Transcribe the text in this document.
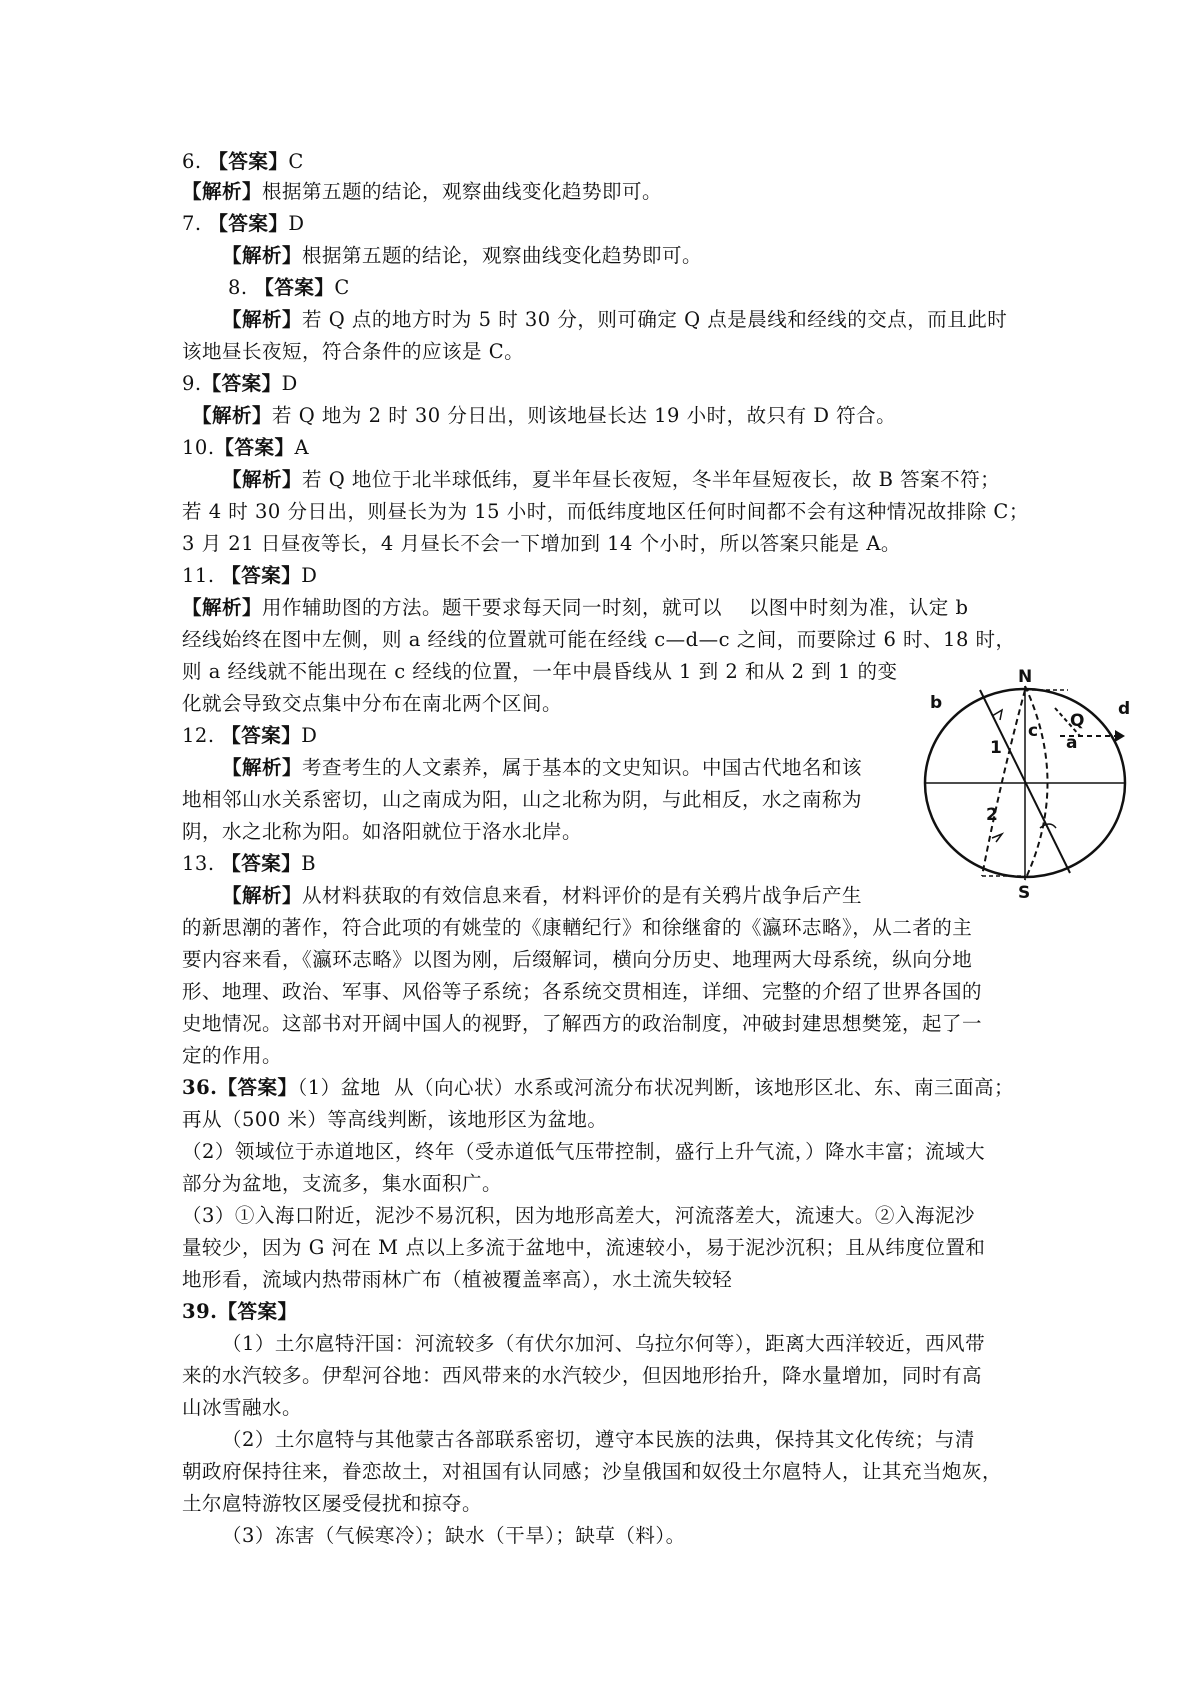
6. 【答案】C
【解析】根据第五题的结论，观察曲线变化趋势即可。
7. 【答案】D
【解析】根据第五题的结论，观察曲线变化趋势即可。
8. 【答案】C
【解析】若 Q 点的地方时为 5 时 30 分，则可确定 Q 点是晨线和经线的交点，而且此时
该地昼长夜短，符合条件的应该是 C。
9.【答案】D
【解析】若 Q 地为 2 时 30 分日出，则该地昼长达 19 小时，故只有 D 符合。
10.【答案】A
【解析】若 Q 地位于北半球低纬，夏半年昼长夜短，冬半年昼短夜长，故 B 答案不符；
若 4 时 30 分日出，则昼长为为 15 小时，而低纬度地区任何时间都不会有这种情况故排除 C；
3 月 21 日昼夜等长，4 月昼长不会一下增加到 14 个小时，所以答案只能是 A。
11. 【答案】D
【解析】用作辅助图的方法。题干要求每天同一时刻，就可以    以图中时刻为准，认定 b
经线始终在图中左侧，则 a 经线的位置就可能在经线 c—d—c 之间，而要除过 6 时、18 时，
则 a 经线就不能出现在 c 经线的位置，一年中晨昏线从 1 到 2 和从 2 到 1 的变
化就会导致交点集中分布在南北两个区间。
12. 【答案】D
【解析】考查考生的人文素养，属于基本的文史知识。中国古代地名和该
地相邻山水关系密切，山之南成为阳，山之北称为阴，与此相反，水之南称为
阴，水之北称为阳。如洛阳就位于洛水北岸。
13. 【答案】B
【解析】从材料获取的有效信息来看，材料评价的是有关鸦片战争后产生
的新思潮的著作，符合此项的有姚莹的《康輶纪行》和徐继畲的《瀛环志略》，从二者的主
要内容来看，《瀛环志略》以图为刚，后缀解词，横向分历史、地理两大母系统，纵向分地
形、地理、政治、军事、风俗等子系统；各系统交贯相连，详细、完整的介绍了世界各国的
史地情况。这部书对开阔中国人的视野，了解西方的政治制度，冲破封建思想樊笼，起了一
定的作用。
36.【答案】（1）盆地  从（向心状）水系或河流分布状况判断，该地形区北、东、南三面高；
再从（500 米）等高线判断，该地形区为盆地。
（2）领域位于赤道地区，终年（受赤道低气压带控制，盛行上升气流，）降水丰富；流域大
部分为盆地，支流多，集水面积广。
（3）①入海口附近，泥沙不易沉积，因为地形高差大，河流落差大，流速大。②入海泥沙
量较少，因为 G 河在 M 点以上多流于盆地中，流速较小，易于泥沙沉积；且从纬度位置和
地形看，流域内热带雨林广布（植被覆盖率高），水土流失较轻
39.【答案】
（1）土尔扈特汗国：河流较多（有伏尔加河、乌拉尔何等），距离大西洋较近，西风带
来的水汽较多。伊犁河谷地：西风带来的水汽较少，但因地形抬升，降水量增加，同时有高
山冰雪融水。
（2）土尔扈特与其他蒙古各部联系密切，遵守本民族的法典，保持其文化传统；与清
朝政府保持往来，眷恋故土，对祖国有认同感；沙皇俄国和奴役土尔扈特人，让其充当炮灰，
土尔扈特游牧区屡受侵扰和掠夺。
（3）冻害（气候寒冷）；缺水（干旱）；缺草（料）。
N
S
Q
a
b
c
d
1
2
